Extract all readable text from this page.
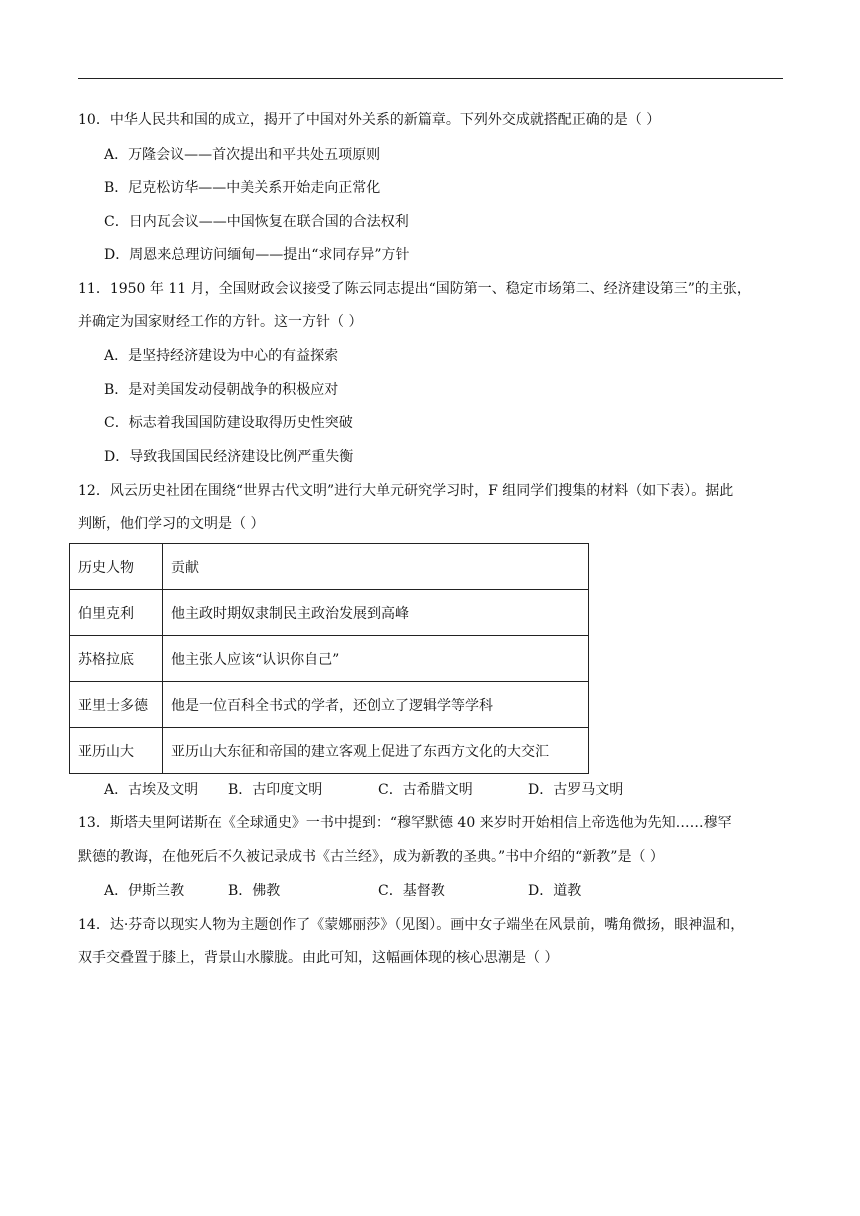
10．中华人民共和国的成立，揭开了中国对外关系的新篇章。下列外交成就搭配正确的是（ ）
A．万隆会议——首次提出和平共处五项原则
B．尼克松访华——中美关系开始走向正常化
C．日内瓦会议——中国恢复在联合国的合法权利
D．周恩来总理访问缅甸——提出“求同存异”方针
11．1950 年 11 月，全国财政会议接受了陈云同志提出“国防第一、稳定市场第二、经济建设第三”的主张，
并确定为国家财经工作的方针。这一方针（ ）
A．是坚持经济建设为中心的有益探索
B．是对美国发动侵朝战争的积极应对
C．标志着我国国防建设取得历史性突破
D．导致我国国民经济建设比例严重失衡
12．风云历史社团在围绕“世界古代文明”进行大单元研究学习时，F 组同学们搜集的材料（如下表）。据此
判断，他们学习的文明是（ ）
历史人物	贡献
伯里克利	他主政时期奴隶制民主政治发展到高峰
苏格拉底	他主张人应该“认识你自己”
亚里士多德	他是一位百科全书式的学者，还创立了逻辑学等学科
亚历山大	亚历山大东征和帝国的建立客观上促进了东西方文化的大交汇
A．古埃及文明 B．古印度文明	C．古希腊文明	D．古罗马文明
13．斯塔夫里阿诺斯在《全球通史》一书中提到：“穆罕默德 40 来岁时开始相信上帝选他为先知……穆罕
默德的教诲，在他死后不久被记录成书《古兰经》，成为新教的圣典。”书中介绍的“新教”是（ ）
A．伊斯兰教	B．佛教	C．基督教	D．道教
14．达·芬奇以现实人物为主题创作了《蒙娜丽莎》（见图）。画中女子端坐在风景前，嘴角微扬，眼神温和，
双手交叠置于膝上，背景山水朦胧。由此可知，这幅画体现的核心思潮是（ ）
